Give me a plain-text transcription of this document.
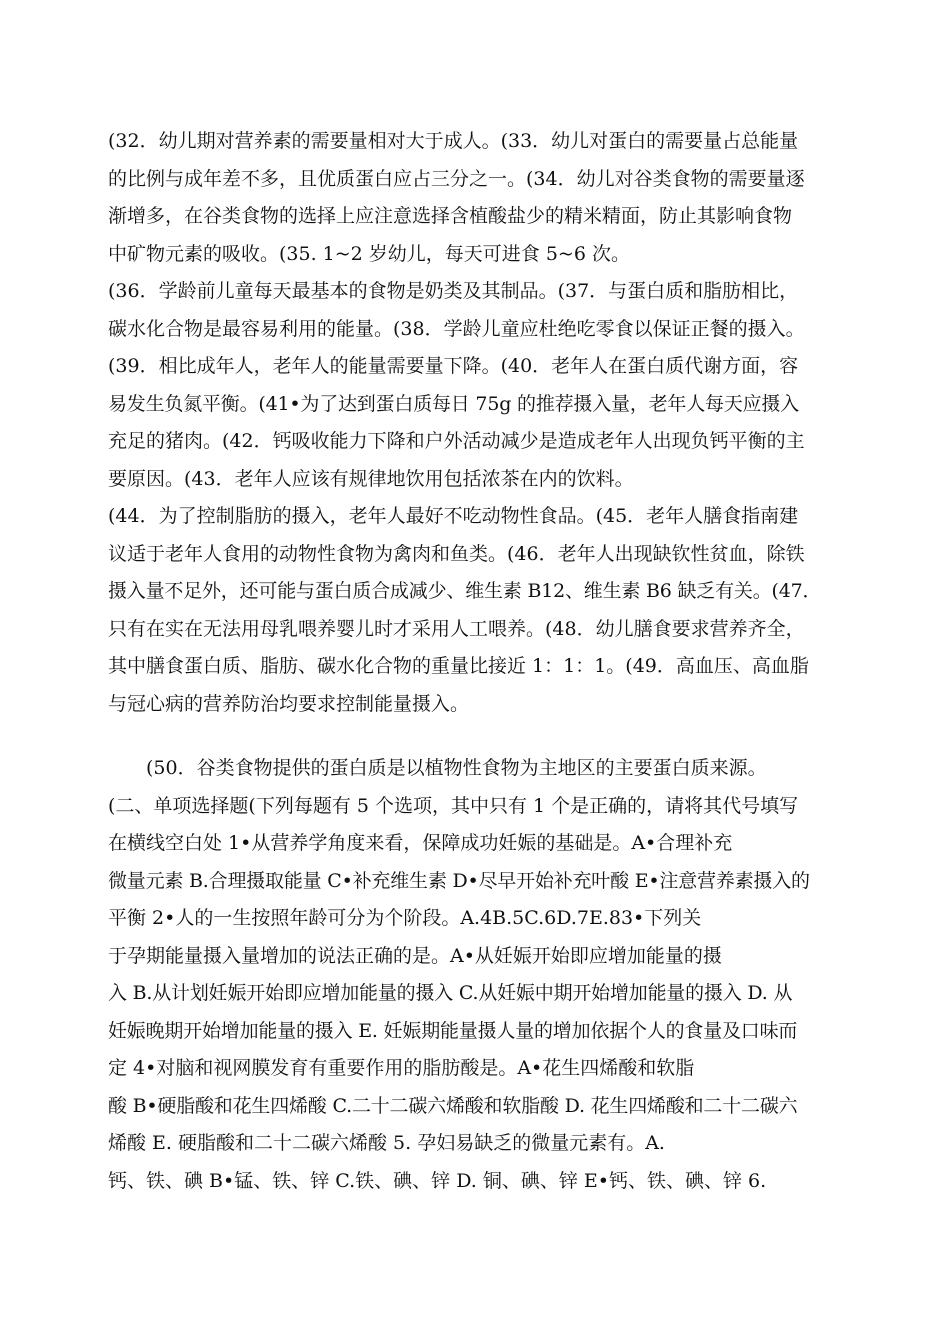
(32．幼儿期对营养素的需要量相对大于成人。(33．幼儿对蛋白的需要量占总能量
的比例与成年差不多，且优质蛋白应占三分之一。(34．幼儿对谷类食物的需要量逐
渐增多，在谷类食物的选择上应注意选择含植酸盐少的精米精面，防止其影响食物
中矿物元素的吸收。(35. 1~2 岁幼儿，每天可进食 5~6 次。
(36．学龄前儿童每天最基本的食物是奶类及其制品。(37．与蛋白质和脂肪相比，
碳水化合物是最容易利用的能量。(38．学龄儿童应杜绝吃零食以保证正餐的摄入。
(39．相比成年人，老年人的能量需要量下降。(40．老年人在蛋白质代谢方面，容
易发生负氮平衡。(41•为了达到蛋白质每日 75g 的推荐摄入量，老年人每天应摄入
充足的猪肉。(42．钙吸收能力下降和户外活动减少是造成老年人出现负钙平衡的主
要原因。(43．老年人应该有规律地饮用包括浓茶在内的饮料。
(44．为了控制脂肪的摄入，老年人最好不吃动物性食品。(45．老年人膳食指南建
议适于老年人食用的动物性食物为禽肉和鱼类。(46．老年人出现缺钦性贫血，除铁
摄入量不足外，还可能与蛋白质合成减少、维生素 B12、维生素 B6 缺乏有关。(47．
只有在实在无法用母乳喂养婴儿时才采用人工喂养。(48．幼儿膳食要求营养齐全，
其中膳食蛋白质、脂肪、碳水化合物的重量比接近 1：1：1。(49．高血压、高血脂
与冠心病的营养防治均要求控制能量摄入。
(50．谷类食物提供的蛋白质是以植物性食物为主地区的主要蛋白质来源。
(二、单项选择题(下列每题有 5 个选项，其中只有 1 个是正确的，请将其代号填写
在横线空白处 1•从营养学角度来看，保障成功妊娠的基础是。A•合理补充
微量元素 B.合理摄取能量 C•补充维生素 D•尽早开始补充叶酸 E•注意营养素摄入的
平衡 2•人的一生按照年龄可分为个阶段。A.4B.5C.6D.7E.83•下列关
于孕期能量摄入量增加的说法正确的是。A•从妊娠开始即应增加能量的摄
入 B.从计划妊娠开始即应增加能量的摄入 C.从妊娠中期开始增加能量的摄入 D. 从
妊娠晚期开始增加能量的摄入 E. 妊娠期能量摄人量的增加依据个人的食量及口味而
定 4•对脑和视网膜发育有重要作用的脂肪酸是。A•花生四烯酸和软脂
酸 B•硬脂酸和花生四烯酸 C.二十二碳六烯酸和软脂酸 D. 花生四烯酸和二十二碳六
烯酸 E. 硬脂酸和二十二碳六烯酸 5. 孕妇易缺乏的微量元素有。A.
钙、铁、碘 B•锰、铁、锌 C.铁、碘、锌 D. 铜、碘、锌 E•钙、铁、碘、锌 6.
